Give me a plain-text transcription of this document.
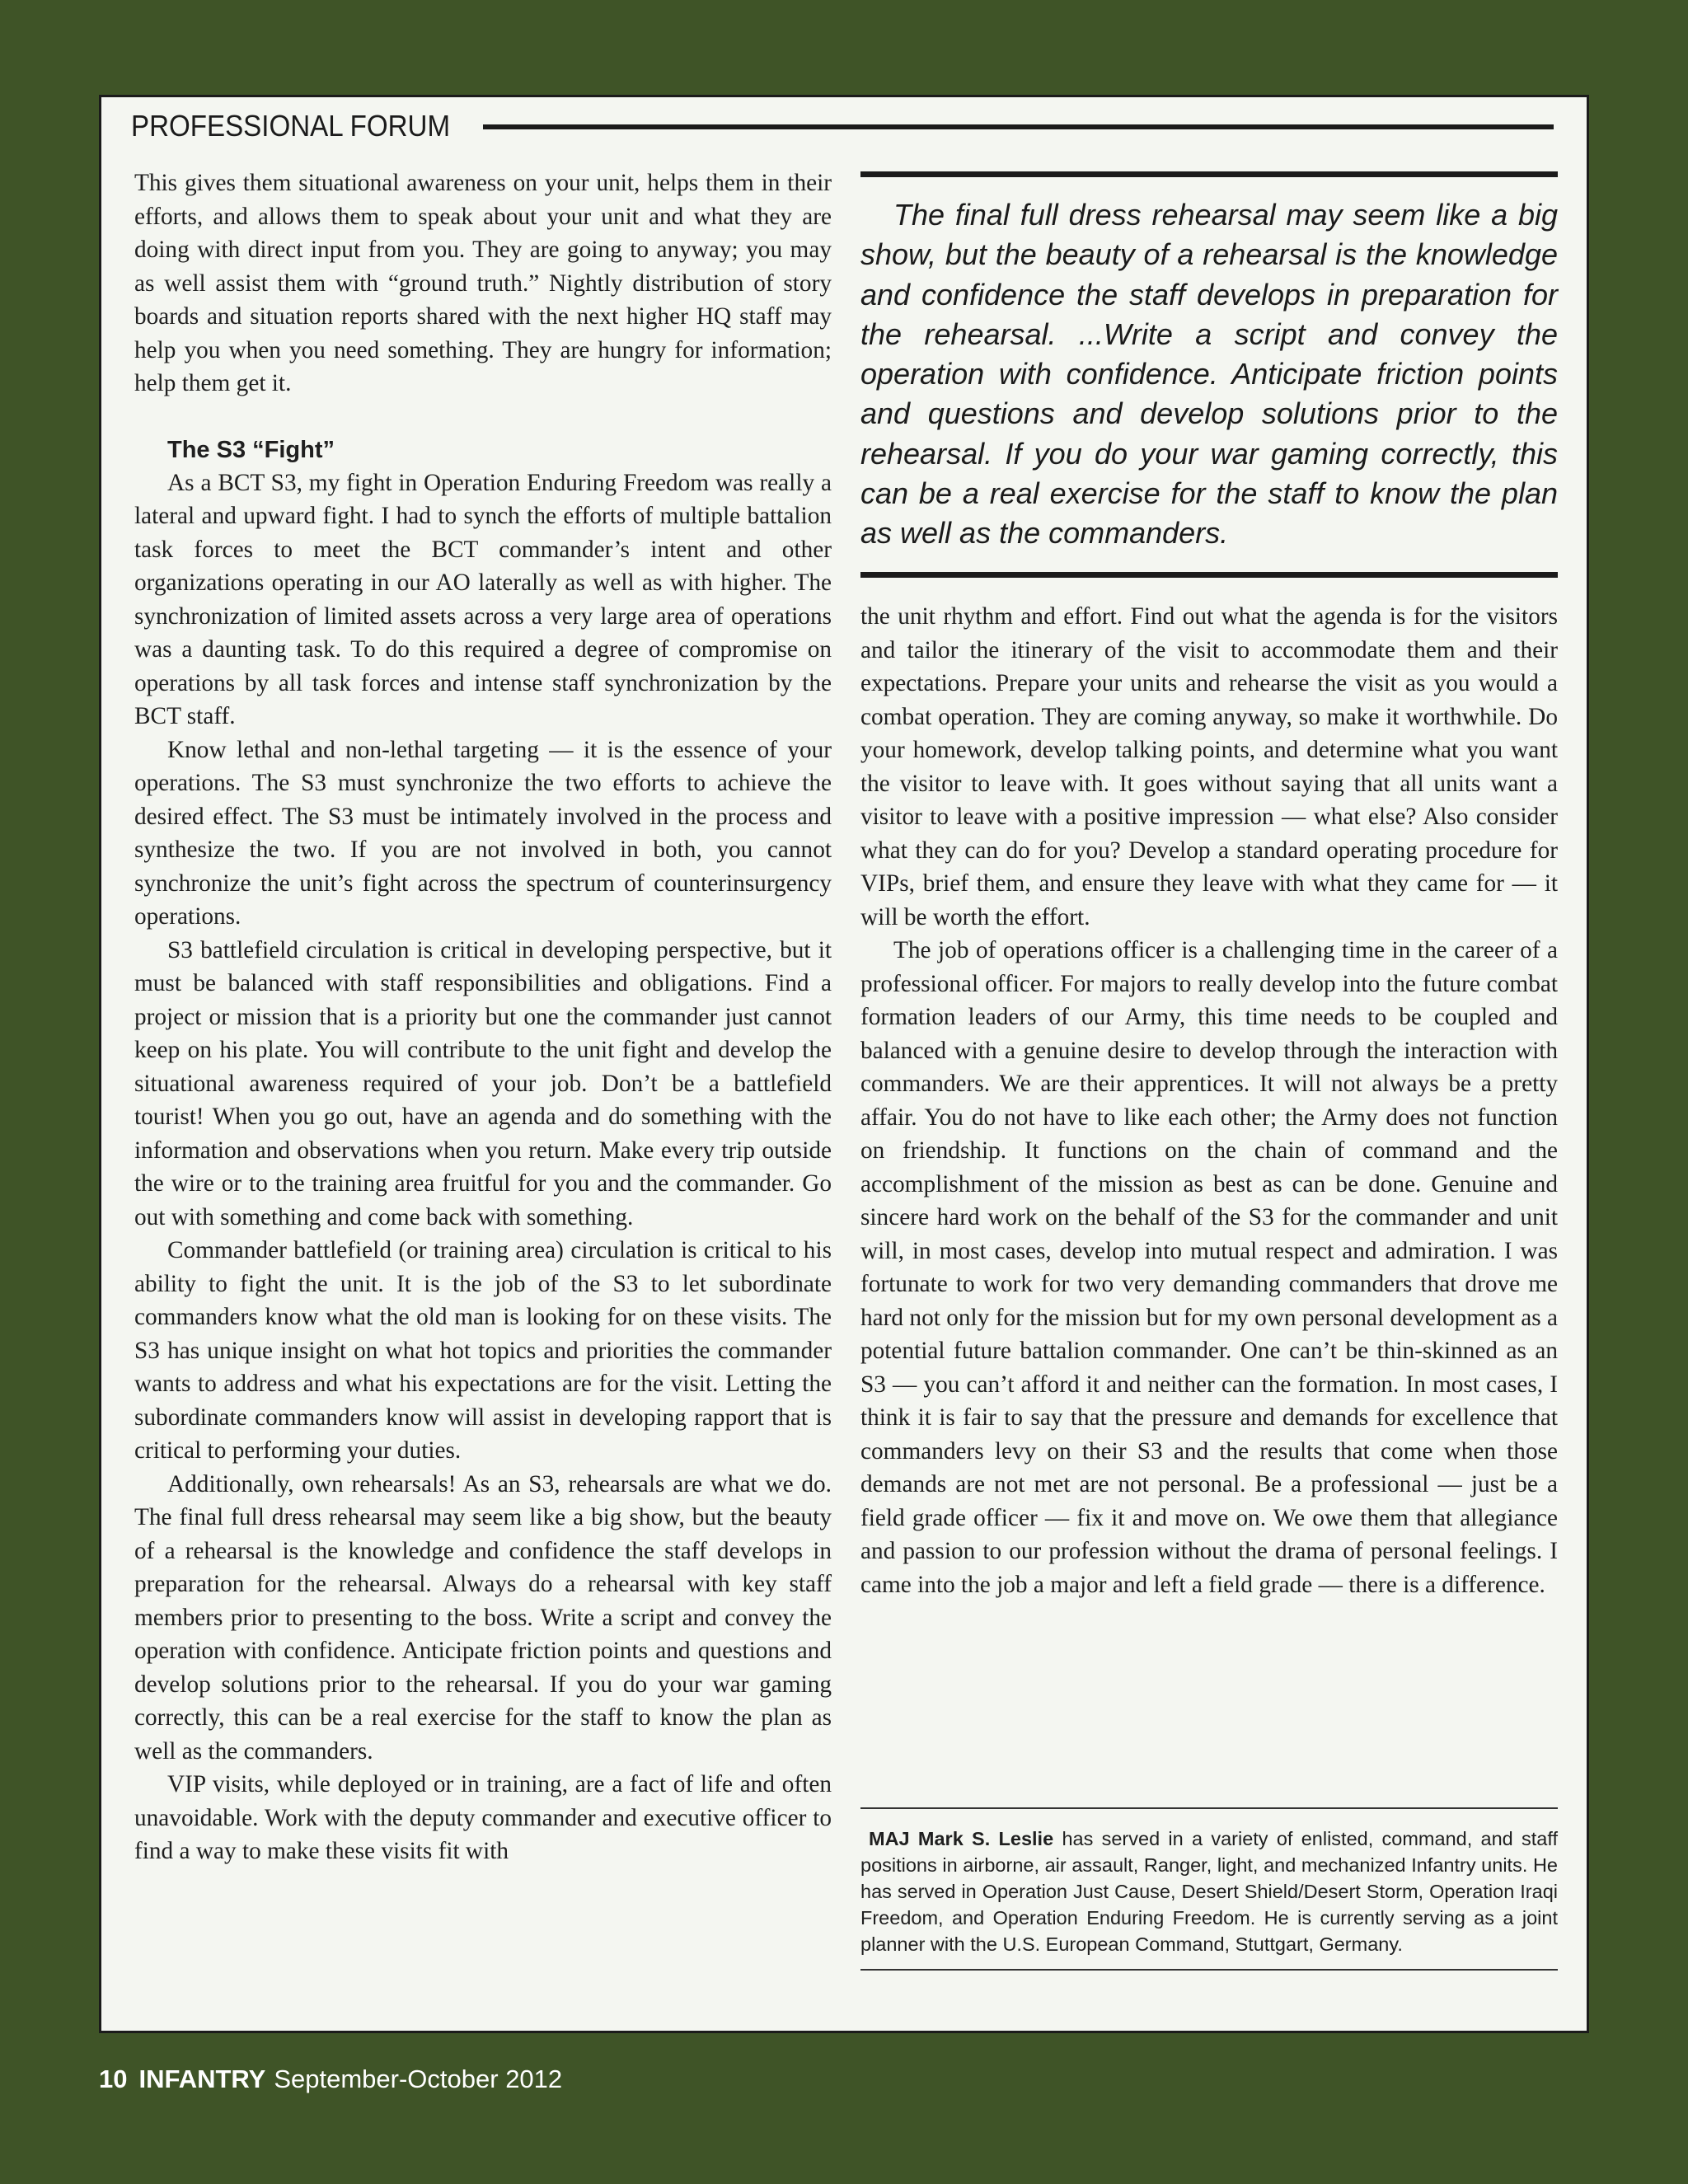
PROFESSIONAL FORUM

This gives them situational awareness on your unit, helps them in their efforts, and allows them to speak about your unit and what they are doing with direct input from you. They are going to anyway; you may as well assist them with “ground truth.” Nightly distribution of story boards and situation reports shared with the next higher HQ staff may help you when you need something. They are hungry for information; help them get it.

The S3 “Fight”

As a BCT S3, my fight in Operation Enduring Freedom was really a lateral and upward fight. I had to synch the efforts of multiple battalion task forces to meet the BCT commander’s intent and other organizations operating in our AO laterally as well as with higher. The synchronization of limited assets across a very large area of operations was a daunting task. To do this required a degree of compromise on operations by all task forces and intense staff synchronization by the BCT staff.

Know lethal and non-lethal targeting — it is the essence of your operations. The S3 must synchronize the two efforts to achieve the desired effect. The S3 must be intimately involved in the process and synthesize the two. If you are not involved in both, you cannot synchronize the unit’s fight across the spectrum of counterinsurgency operations.

S3 battlefield circulation is critical in developing perspective, but it must be balanced with staff responsibilities and obligations. Find a project or mission that is a priority but one the commander just cannot keep on his plate. You will contribute to the unit fight and develop the situational awareness required of your job. Don’t be a battlefield tourist! When you go out, have an agenda and do something with the information and observations when you return. Make every trip outside the wire or to the training area fruitful for you and the commander. Go out with something and come back with something.

Commander battlefield (or training area) circulation is critical to his ability to fight the unit. It is the job of the S3 to let subordinate commanders know what the old man is looking for on these visits. The S3 has unique insight on what hot topics and priorities the commander wants to address and what his expectations are for the visit. Letting the subordinate commanders know will assist in developing rapport that is critical to performing your duties.

Additionally, own rehearsals! As an S3, rehearsals are what we do. The final full dress rehearsal may seem like a big show, but the beauty of a rehearsal is the knowledge and confidence the staff develops in preparation for the rehearsal. Always do a rehearsal with key staff members prior to presenting to the boss. Write a script and convey the operation with confidence. Anticipate friction points and questions and develop solutions prior to the rehearsal. If you do your war gaming correctly, this can be a real exercise for the staff to know the plan as well as the commanders.

VIP visits, while deployed or in training, are a fact of life and often unavoidable. Work with the deputy commander and executive officer to find a way to make these visits fit with

The final full dress rehearsal may seem like a big show, but the beauty of a rehearsal is the knowledge and confidence the staff develops in preparation for the rehearsal. ...Write a script and convey the operation with confidence. Anticipate friction points and questions and develop solutions prior to the rehearsal. If you do your war gaming correctly, this can be a real exercise for the staff to know the plan as well as the commanders.

the unit rhythm and effort. Find out what the agenda is for the visitors and tailor the itinerary of the visit to accommodate them and their expectations. Prepare your units and rehearse the visit as you would a combat operation. They are coming anyway, so make it worthwhile. Do your homework, develop talking points, and determine what you want the visitor to leave with. It goes without saying that all units want a visitor to leave with a positive impression — what else? Also consider what they can do for you? Develop a standard operating procedure for VIPs, brief them, and ensure they leave with what they came for — it will be worth the effort.

The job of operations officer is a challenging time in the career of a professional officer. For majors to really develop into the future combat formation leaders of our Army, this time needs to be coupled and balanced with a genuine desire to develop through the interaction with commanders. We are their apprentices. It will not always be a pretty affair. You do not have to like each other; the Army does not function on friendship. It functions on the chain of command and the accomplishment of the mission as best as can be done. Genuine and sincere hard work on the behalf of the S3 for the commander and unit will, in most cases, develop into mutual respect and admiration. I was fortunate to work for two very demanding commanders that drove me hard not only for the mission but for my own personal development as a potential future battalion commander. One can’t be thin-skinned as an S3 — you can’t afford it and neither can the formation. In most cases, I think it is fair to say that the pressure and demands for excellence that commanders levy on their S3 and the results that come when those demands are not met are not personal. Be a professional — just be a field grade officer — fix it and move on. We owe them that allegiance and passion to our profession without the drama of personal feelings. I came into the job a major and left a field grade — there is a difference.

MAJ Mark S. Leslie has served in a variety of enlisted, command, and staff positions in airborne, air assault, Ranger, light, and mechanized Infantry units. He has served in Operation Just Cause, Desert Shield/Desert Storm, Operation Iraqi Freedom, and Operation Enduring Freedom. He is currently serving as a joint planner with the U.S. European Command, Stuttgart, Germany.
10 INFANTRY September-October 2012
